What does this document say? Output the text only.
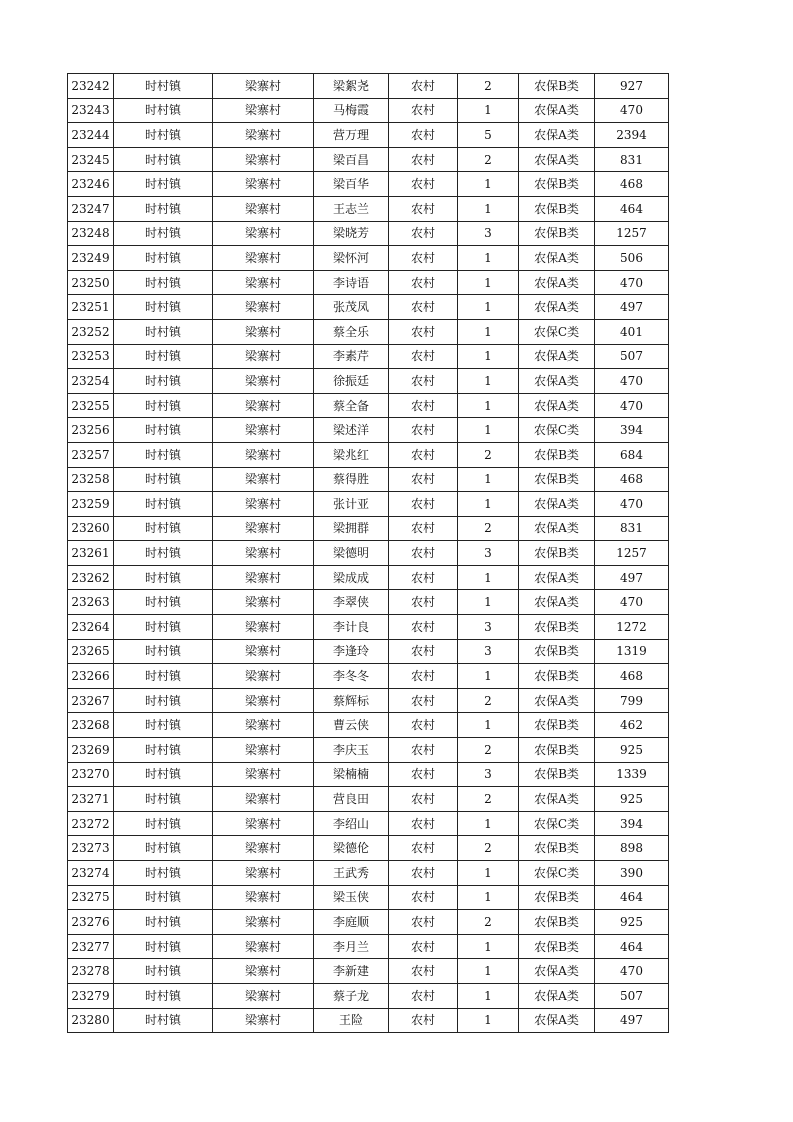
23242	时村镇	梁寨村	梁絮尧	农村	2	农保B类	927
23243	时村镇	梁寨村	马梅霞	农村	1	农保A类	470
23244	时村镇	梁寨村	营万理	农村	5	农保A类	2394
23245	时村镇	梁寨村	梁百昌	农村	2	农保A类	831
23246	时村镇	梁寨村	梁百华	农村	1	农保B类	468
23247	时村镇	梁寨村	王志兰	农村	1	农保B类	464
23248	时村镇	梁寨村	梁晓芳	农村	3	农保B类	1257
23249	时村镇	梁寨村	梁怀河	农村	1	农保A类	506
23250	时村镇	梁寨村	李诗语	农村	1	农保A类	470
23251	时村镇	梁寨村	张茂凤	农村	1	农保A类	497
23252	时村镇	梁寨村	蔡全乐	农村	1	农保C类	401
23253	时村镇	梁寨村	李素芹	农村	1	农保A类	507
23254	时村镇	梁寨村	徐振廷	农村	1	农保A类	470
23255	时村镇	梁寨村	蔡全备	农村	1	农保A类	470
23256	时村镇	梁寨村	梁述洋	农村	1	农保C类	394
23257	时村镇	梁寨村	梁兆红	农村	2	农保B类	684
23258	时村镇	梁寨村	蔡得胜	农村	1	农保B类	468
23259	时村镇	梁寨村	张计亚	农村	1	农保A类	470
23260	时村镇	梁寨村	梁拥群	农村	2	农保A类	831
23261	时村镇	梁寨村	梁德明	农村	3	农保B类	1257
23262	时村镇	梁寨村	梁成成	农村	1	农保A类	497
23263	时村镇	梁寨村	李翠侠	农村	1	农保A类	470
23264	时村镇	梁寨村	李计良	农村	3	农保B类	1272
23265	时村镇	梁寨村	李逢玲	农村	3	农保B类	1319
23266	时村镇	梁寨村	李冬冬	农村	1	农保B类	468
23267	时村镇	梁寨村	蔡辉标	农村	2	农保A类	799
23268	时村镇	梁寨村	曹云侠	农村	1	农保B类	462
23269	时村镇	梁寨村	李庆玉	农村	2	农保B类	925
23270	时村镇	梁寨村	梁楠楠	农村	3	农保B类	1339
23271	时村镇	梁寨村	营良田	农村	2	农保A类	925
23272	时村镇	梁寨村	李绍山	农村	1	农保C类	394
23273	时村镇	梁寨村	梁德伦	农村	2	农保B类	898
23274	时村镇	梁寨村	王武秀	农村	1	农保C类	390
23275	时村镇	梁寨村	梁玉侠	农村	1	农保B类	464
23276	时村镇	梁寨村	李庭顺	农村	2	农保B类	925
23277	时村镇	梁寨村	李月兰	农村	1	农保B类	464
23278	时村镇	梁寨村	李新建	农村	1	农保A类	470
23279	时村镇	梁寨村	蔡子龙	农村	1	农保A类	507
23280	时村镇	梁寨村	王险	农村	1	农保A类	497
